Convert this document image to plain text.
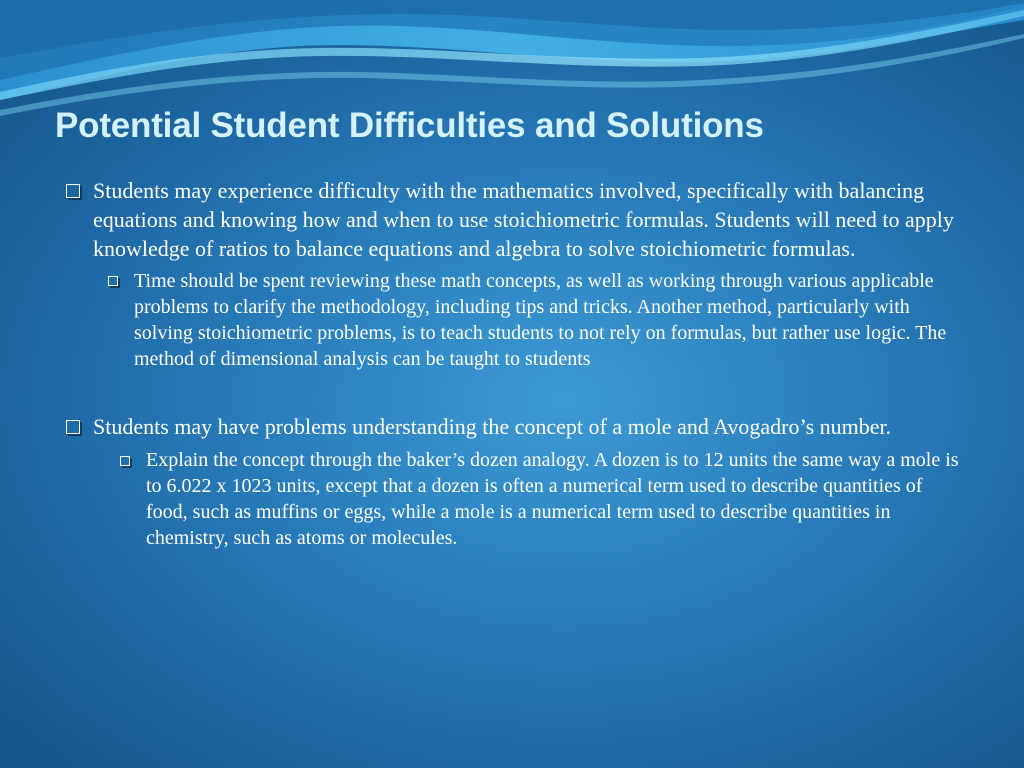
Potential Student Difficulties and Solutions
Students may experience difficulty with the mathematics involved, specifically with balancing equations and knowing how and when to use stoichiometric formulas. Students will need to apply knowledge of ratios to balance equations and algebra to solve stoichiometric formulas.
Time should be spent reviewing these math concepts, as well as working through various applicable problems to clarify the methodology, including tips and tricks. Another method, particularly with solving stoichiometric problems, is to teach students to not rely on formulas, but rather use logic. The method of dimensional analysis can be taught to students
Students may have problems understanding the concept of a mole and Avogadro’s number.
Explain the concept through the baker’s dozen analogy. A dozen is to 12 units the same way a mole is to 6.022 x 1023 units, except that a dozen is often a numerical term used to describe quantities of food, such as muffins or eggs, while a mole is a numerical term used to describe quantities in chemistry, such as atoms or molecules.
